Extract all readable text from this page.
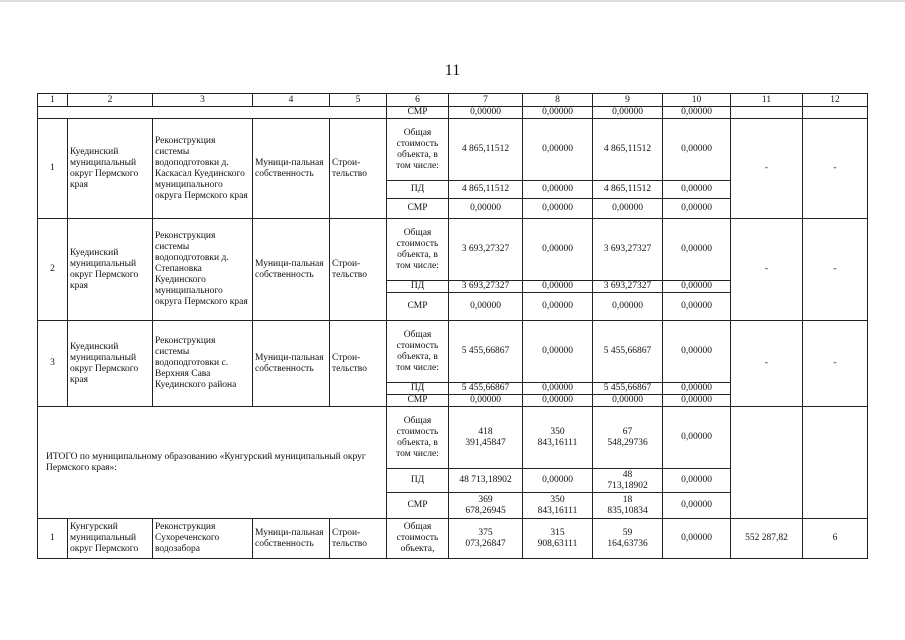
11
1	2	3	4	5	6	7	8	9	10	11	12
					СМР	0,00000	0,00000	0,00000	0,00000		
1	Куединский муниципальный округ Пермского края	Реконструкция системы водоподготовки д. Каскасал Куединского муниципального округа Пермского края	Муници-пальная собственность	Строи-тельство	Общая стоимость объекта, в том числе:	4 865,11512	0,00000	4 865,11512	0,00000	-	-
					ПД	4 865,11512	0,00000	4 865,11512	0,00000		
					СМР	0,00000	0,00000	0,00000	0,00000		
2	Куединский муниципальный округ Пермского края	Реконструкция системы водоподготовки д. Степановка Куединского муниципального округа Пермского края	Муници-пальная собственность	Строи-тельство	Общая стоимость объекта, в том числе:	3 693,27327	0,00000	3 693,27327	0,00000	-	-
					ПД	3 693,27327	0,00000	3 693,27327	0,00000		
					СМР	0,00000	0,00000	0,00000	0,00000		
3	Куединский муниципальный округ Пермского края	Реконструкция системы водоподготовки с. Верхняя Сава Куединского района	Муници-пальная собственность	Строи-тельство	Общая стоимость объекта, в том числе:	5 455,66867	0,00000	5 455,66867	0,00000	-	-
					ПД	5 455,66867	0,00000	5 455,66867	0,00000		
					СМР	0,00000	0,00000	0,00000	0,00000		
ИТОГО по муниципальному образованию «Кунгурский муниципальный округ Пермского края»:					Общая стоимость объекта, в том числе:	418 391,45847	350 843,16111	67 548,29736	0,00000		
					ПД	48 713,18902	0,00000	48 713,18902	0,00000		
					СМР	369 678,26945	350 843,16111	18 835,10834	0,00000		
1	Кунгурский муниципальный округ Пермского	Реконструкция Сухореченского водозабора	Муници-пальная собственность	Строи-тельство	Общая стоимость объекта,	375 073,26847	315 908,63111	59 164,63736	0,00000	552 287,82	6
